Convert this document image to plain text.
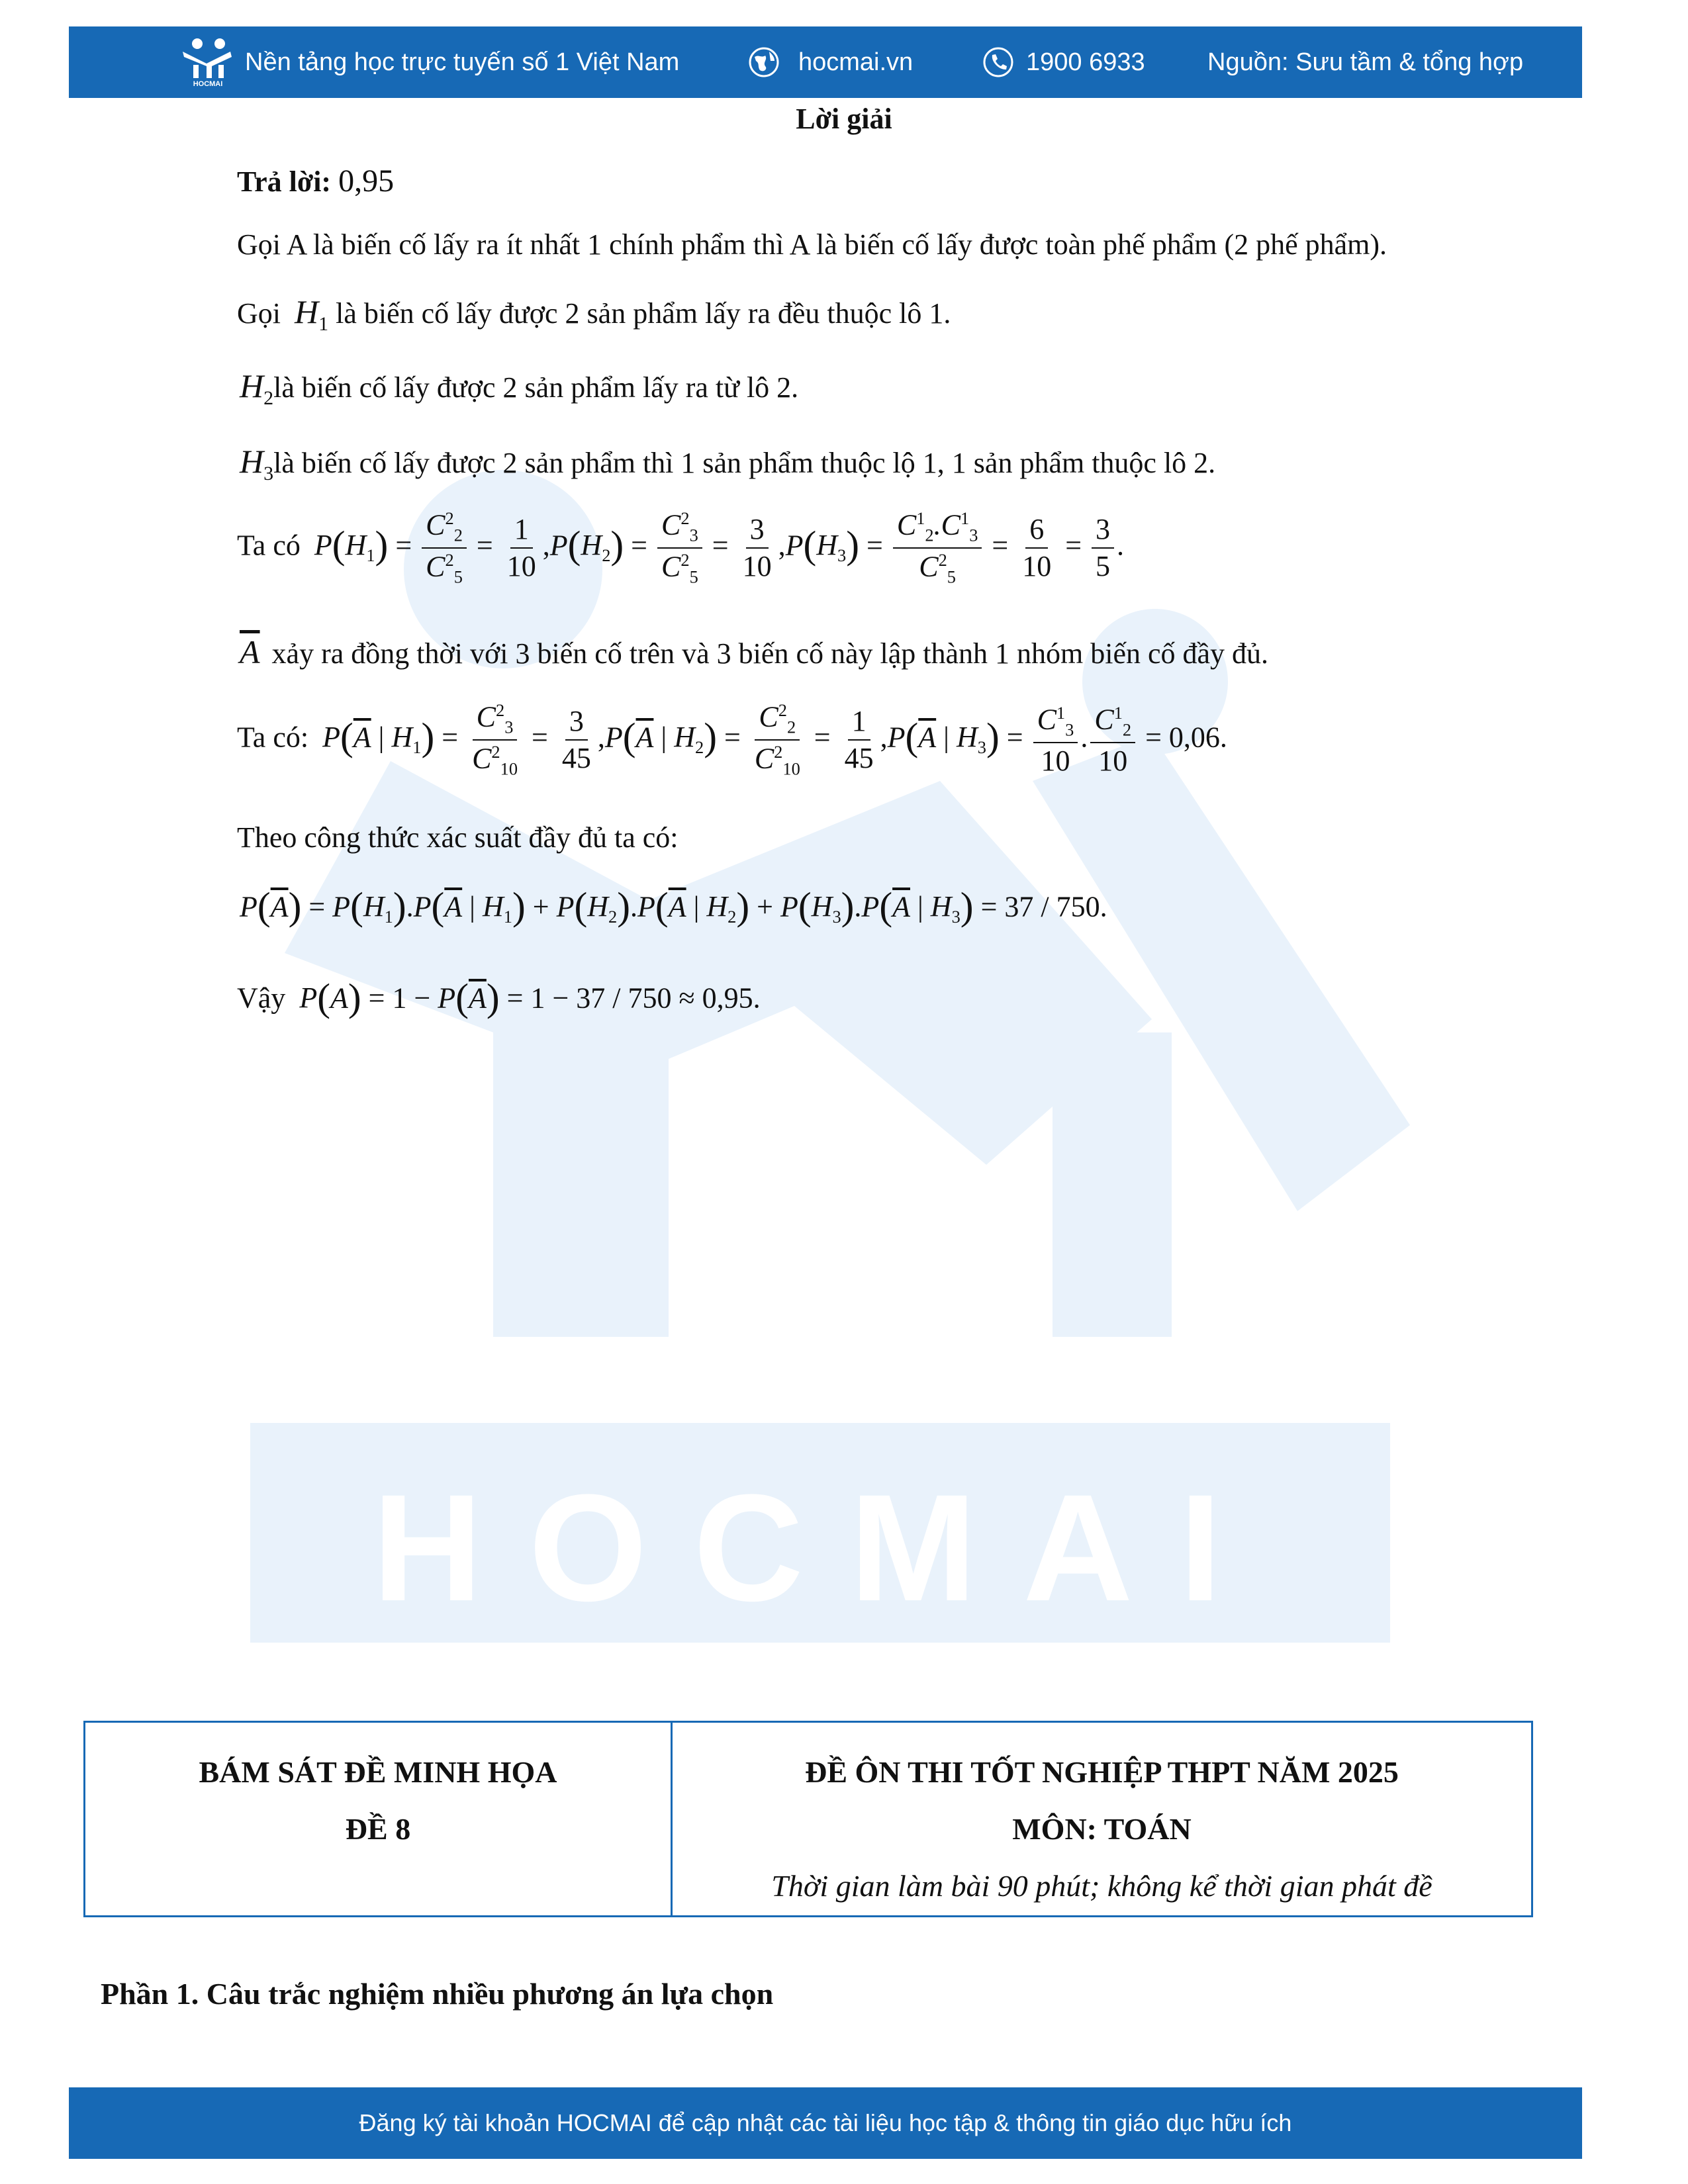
HOCMAI
Nền tảng học trực tuyến số 1 Việt Nam	hocmai.vn	1900 6933 Nguồn: Sưu tầm & tổng hợp
HOCMAI
Lời giải
Trả lời: 0,95
Gọi A là biến cố lấy ra ít nhất 1 chính phẩm thì A là biến cố lấy được toàn phế phẩm (2 phế phẩm).
Gọi $H_1$ là biến cố lấy được 2 sản phẩm lấy ra đều thuộc lô 1.
$H_2là$ biến cố lấy được 2 sản phẩm lấy ra từ lô 2.
$H_3là$ biến cố lấy được 2 sản phẩm thì 1 sản phẩm thuộc lộ 1, 1 sản phẩm thuộc lô 2.
Ta có $P(H_1) = \frac{C^2_2}{C^2_5} = \frac{1}{10} ,P(H_2) = \frac{C^2_3}{C^2_5} = \frac{3}{10} ,P(H_3) = \frac{C^1_2.C^1_3}{C^2_5} = \frac{6}{10} = \frac{3}{5}$ .
$\overline{A}$ xảy ra đồng thời với 3 biến cố trên và 3 biến cố này lập thành 1 nhóm biến cố đầy đủ.
Ta có: $P(\overline{A}$ | $H_1) = \frac{C^2_3}{C^2_{10}} = \frac{3}{45} ,P(\overline{A}$ | $H_2) = \frac{C^2_2}{C^2_{10}} = \frac{1}{45} ,P(\overline{A}$ | $H_3) = \frac{C^1_3}{10}$ . $\frac{C^1_2}{10} = 0,06$.
Theo công thức xác suất đầy đủ ta có:
$P(\overline{A}) = P(H_1).P(\overline{A}$ | $H_1) + P(H_2).P(\overline{A}$ | $H_2) + P(H_3).P(\overline{A}$ | $H_3) = 37 / 750$.
Vậy $P(A) = 1 - P(\overline{A}) = 1 - 37 / 750 \approx 0,95$.
BÁM SÁT ĐỀ MINH HỌA
ĐỀ 8	ĐỀ ÔN THI TỐT NGHIỆP THPT NĂM 2025
MÔN: TOÁN
Thời gian làm bài 90 phút; không kể thời gian phát đề
Phần 1. Câu trắc nghiệm nhiều phương án lựa chọn
Đăng ký tài khoản HOCMAI để cập nhật các tài liệu học tập & thông tin giáo dục hữu ích
